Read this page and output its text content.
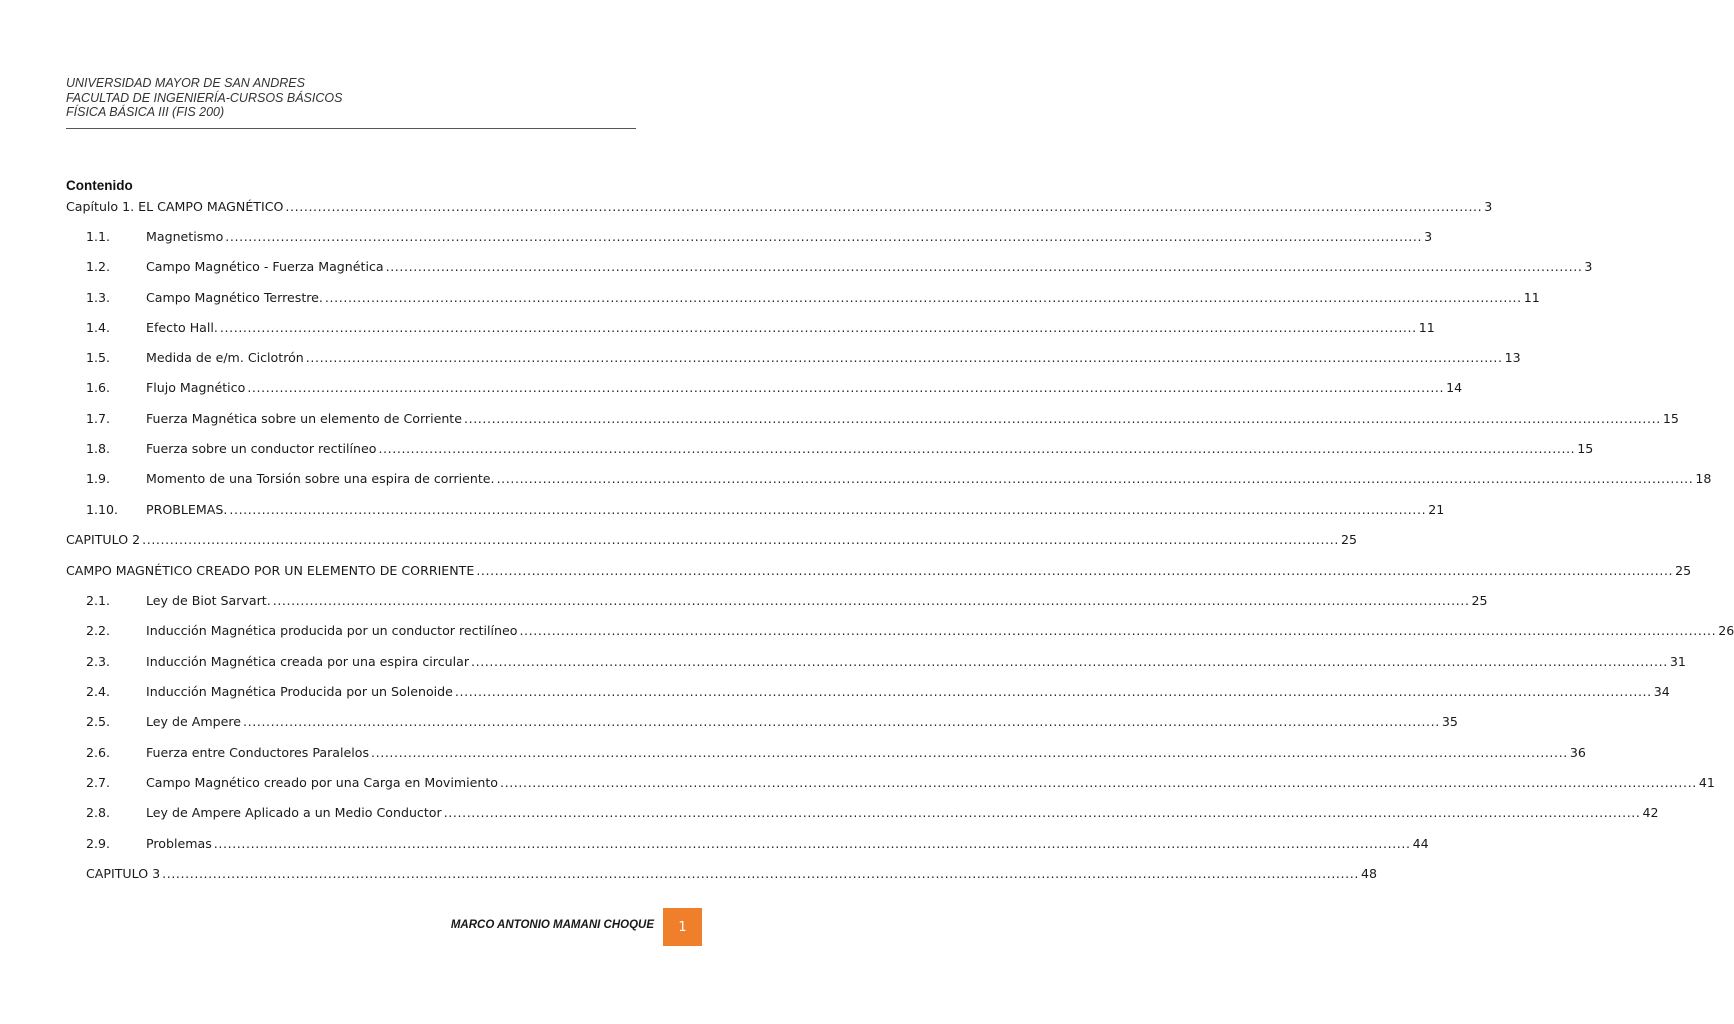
UNIVERSIDAD MAYOR DE SAN ANDRES
FACULTAD DE INGENIERÍA-CURSOS BÁSICOS
FÍSICA BÁSICA III (FIS 200)
Contenido
Capítulo 1. EL CAMPO MAGNÉTICO .................................................................................................................................................................................................................................................................... 3
1.1.	Magnetismo .................................................................................................................................................................................................................................................................... 3
1.2.	Campo Magnético - Fuerza Magnética .................................................................................................................................................................................................................................................................... 3
1.3.	Campo Magnético Terrestre. .................................................................................................................................................................................................................................................................... 11
1.4.	Efecto Hall. .................................................................................................................................................................................................................................................................... 11
1.5.	Medida de e/m. Ciclotrón .................................................................................................................................................................................................................................................................... 13
1.6.	Flujo Magnético .................................................................................................................................................................................................................................................................... 14
1.7.	Fuerza Magnética sobre un elemento de Corriente .................................................................................................................................................................................................................................................................... 15
1.8.	Fuerza sobre un conductor rectilíneo .................................................................................................................................................................................................................................................................... 15
1.9.	Momento de una Torsión sobre una espira de corriente. .................................................................................................................................................................................................................................................................... 18
1.10.	PROBLEMAS. .................................................................................................................................................................................................................................................................... 21
CAPITULO 2 .................................................................................................................................................................................................................................................................... 25
CAMPO MAGNÉTICO CREADO POR UN ELEMENTO DE CORRIENTE .................................................................................................................................................................................................................................................................... 25
2.1.	Ley de Biot Sarvart. .................................................................................................................................................................................................................................................................... 25
2.2.	Inducción Magnética producida por un conductor rectilíneo .................................................................................................................................................................................................................................................................... 26
2.3.	Inducción Magnética creada por una espira circular .................................................................................................................................................................................................................................................................... 31
2.4.	Inducción Magnética Producida por un Solenoide .................................................................................................................................................................................................................................................................... 34
2.5.	Ley de Ampere .................................................................................................................................................................................................................................................................... 35
2.6.	Fuerza entre Conductores Paralelos .................................................................................................................................................................................................................................................................... 36
2.7.	Campo Magnético creado por una Carga en Movimiento .................................................................................................................................................................................................................................................................... 41
2.8.	Ley de Ampere Aplicado a un Medio Conductor .................................................................................................................................................................................................................................................................... 42
2.9.	Problemas .................................................................................................................................................................................................................................................................... 44
CAPITULO 3 .................................................................................................................................................................................................................................................................... 48
MARCO ANTONIO MAMANI CHOQUE 1
